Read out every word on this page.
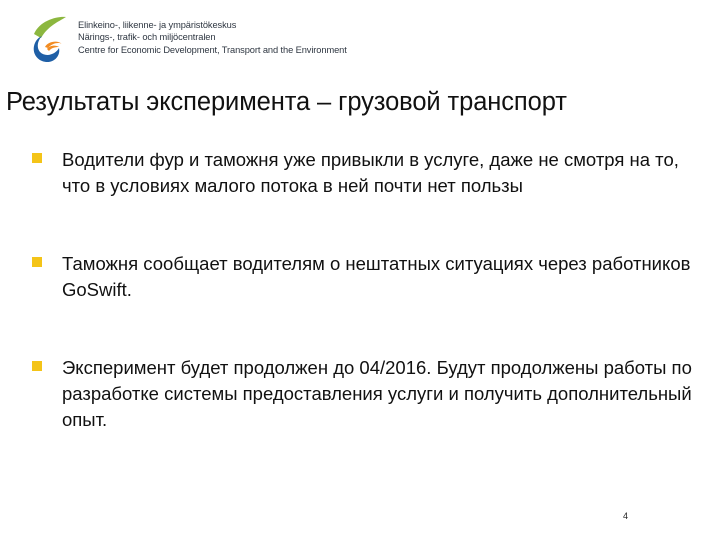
Elinkeino-, liikenne- ja ympäristökeskus
Närings-, trafik- och miljöcentralen
Centre for Economic Development, Transport and the Environment
Результаты эксперимента – грузовой транспорт
Водители фур и таможня уже привыкли в услуге, даже не смотря на то, что в условиях малого потока в ней почти нет пользы
Таможня сообщает водителям о нештатных ситуациях через работников GoSwift.
Эксперимент будет продолжен до 04/2016. Будут продолжены работы по разработке системы предоставления услуги и получить дополнительный опыт.
4
